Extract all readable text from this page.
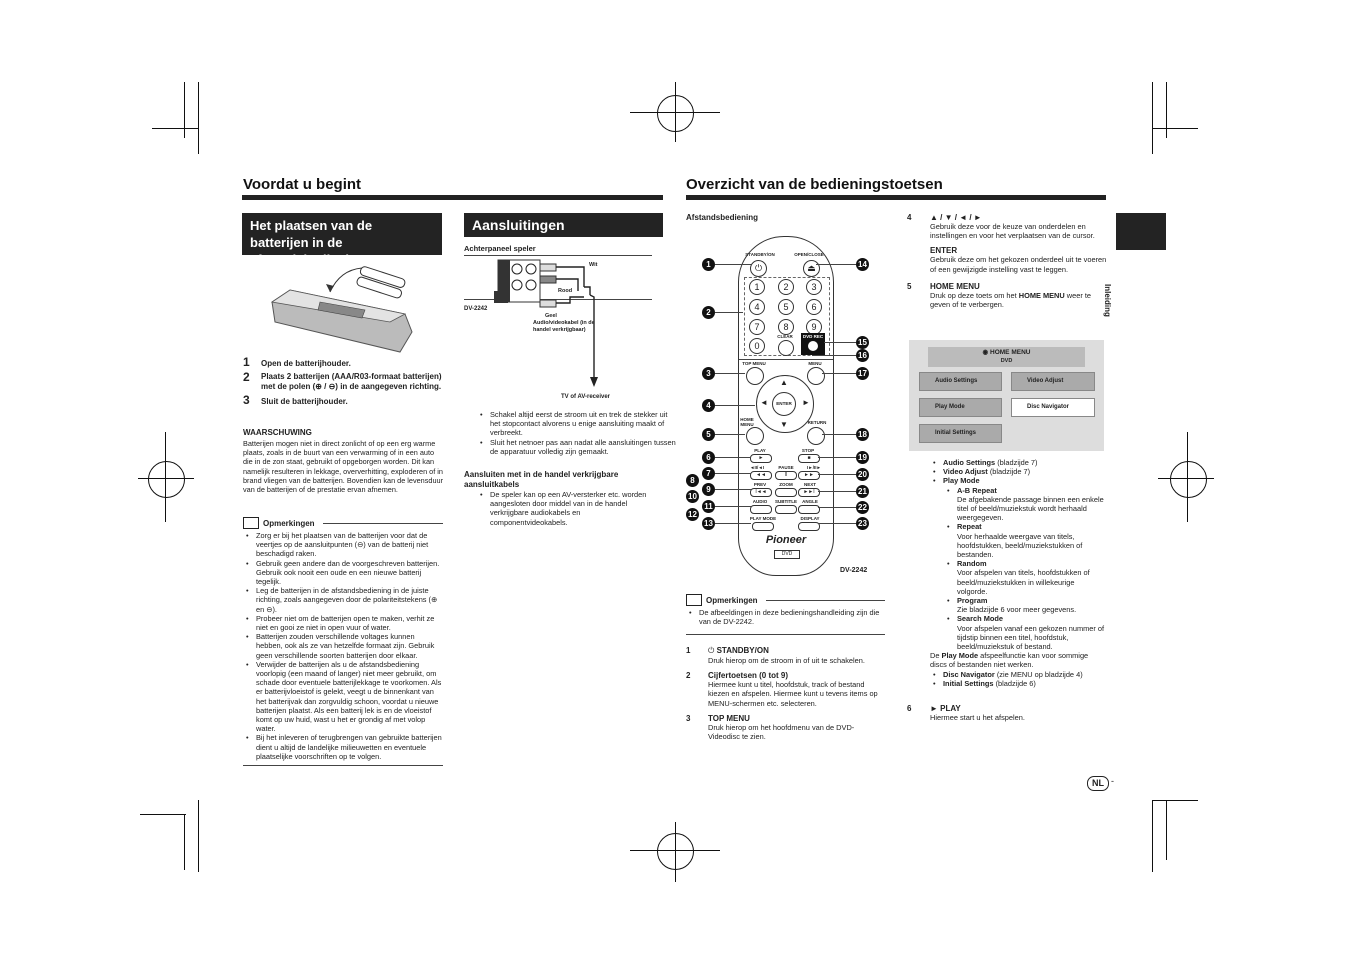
Voordat u begint
Het plaatsen van de batterijen in de afstandsbediening
1 Open de batterijhouder.
2	Plaats 2 batterijen (AAA/R03-formaat batterijen) met de polen (⊕ / ⊖) in de aangegeven richting.
3 Sluit de batterijhouder.
WAARSCHUWING
Batterijen mogen niet in direct zonlicht of op een erg warme plaats, zoals in de buurt van een verwarming of in een auto die in de zon staat, gebruikt of opgeborgen worden. Dit kan namelijk resulteren in lekkage, oververhitting, exploderen of in brand vliegen van de batterijen. Bovendien kan de levensduur van de batterijen of de prestatie ervan afnemen.
Opmerkingen
• Zorg er bij het plaatsen van de batterijen voor dat de veertjes op de aansluitpunten (⊖) van de batterij niet beschadigd raken.
• Gebruik geen andere dan de voorgeschreven batterijen. Gebruik ook nooit een oude en een nieuwe batterij tegelijk.
• Leg de batterijen in de afstandsbediening in de juiste richting, zoals aangegeven door de polariteitstekens (⊕ en ⊖).
• Probeer niet om de batterijen open te maken, verhit ze niet en gooi ze niet in open vuur of water.
• Batterijen zouden verschillende voltages kunnen hebben, ook als ze van hetzelfde formaat zijn. Gebruik geen verschillende soorten batterijen door elkaar.
• Verwijder de batterijen als u de afstandsbediening voorlopig (een maand of langer) niet meer gebruikt, om schade door eventuele batterijlekkage te voorkomen. Als er batterijvloeistof is gelekt, veegt u de binnenkant van het batterijvak dan zorgvuldig schoon, voordat u nieuwe batterijen plaatst. Als een batterij lek is en de vloeistof komt op uw huid, wast u het er grondig af met volop water.
• Bij het inleveren of terugbrengen van gebruikte batterijen dient u altijd de landelijke milieuwetten en eventuele plaatselijke voorschriften op te volgen.
Aansluitingen
Achterpaneel speler
Wit
Rood
Geel
Audio/videokabel (in de handel verkrijgbaar)
DV-2242
TV of AV-receiver
• Schakel altijd eerst de stroom uit en trek de stekker uit het stopcontact alvorens u enige aansluiting maakt of verbreekt.
• Sluit het netnoer pas aan nadat alle aansluitingen tussen de apparatuur volledig zijn gemaakt.
Aansluiten met in de handel verkrijgbare aansluitkabels
• De speler kan op een AV-versterker etc. worden aangesloten door middel van in de handel verkrijgbare audiokabels en componentvideokabels.
Overzicht van de bedieningstoetsen
Afstandsbediening
STANDBY/ON	OPEN/CLOSE
⏻	⏏
1	2	3
4	5	6
7	8	9
0
CLEAR	DVD REC
TOP MENU	MENU
▲
▼
◄	►
ENTER
HOME MENU	RETURN
PLAY	STOP
►	■
◄II/◄I	PAUSE	I►/II►
◄◄	II	►►
PREV	ZOOM	NEXT
I◄◄	►►I
AUDIO	SUBTITLE	ANGLE
PLAY MODE	DISPLAY
Pioneer
DVD
1
2
3
4
5
6
7
8
9
10
11
12
13
14
15
16
17
18
19
20
21
22
23
DV-2242
Opmerkingen
• De afbeeldingen in deze bedieningshandleiding zijn die van de DV-2242.
1 ⏻ STANDBY/ON
Druk hierop om de stroom in of uit te schakelen.
2 Cijfertoetsen (0 tot 9)
Hiermee kunt u titel, hoofdstuk, track of bestand kiezen en afspelen. Hiermee kunt u tevens items op MENU-schermen etc. selecteren.
3 TOP MENU
Druk hierop om het hoofdmenu van de DVD-Videodisc te zien.
4 ▲ / ▼ / ◄ / ►
Gebruik deze voor de keuze van onderdelen en instellingen en voor het verplaatsen van de cursor.
ENTER
Gebruik deze om het gekozen onderdeel uit te voeren of een gewijzigde instelling vast te leggen.
5 HOME MENU
Druk op deze toets om het HOME MENU weer te geven of te verbergen.
◉ HOME MENU
DVD
Audio Settings	Video Adjust
Play Mode	Disc Navigator
Initial Settings
• Audio Settings (bladzijde 7)
• Video Adjust (bladzijde 7)
• Play Mode
• A-B Repeat
De afgebakende passage binnen een enkele titel of beeld/muziekstuk wordt herhaald weergegeven.
• Repeat
Voor herhaalde weergave van titels, hoofdstukken, beeld/muziekstukken of bestanden.
• Random
Voor afspelen van titels, hoofdstukken of beeld/muziekstukken in willekeurige volgorde.
• Program
Zie bladzijde 6 voor meer gegevens.
• Search Mode
Voor afspelen vanaf een gekozen nummer of tijdstip binnen een titel, hoofdstuk, beeld/muziekstuk of bestand.
De Play Mode afspeelfunctie kan voor sommige discs of bestanden niet werken.
• Disc Navigator (zie MENU op bladzijde 4)
• Initial Settings (bladzijde 6)
6 ► PLAY
Hiermee start u het afspelen.
Inleiding
NL -
